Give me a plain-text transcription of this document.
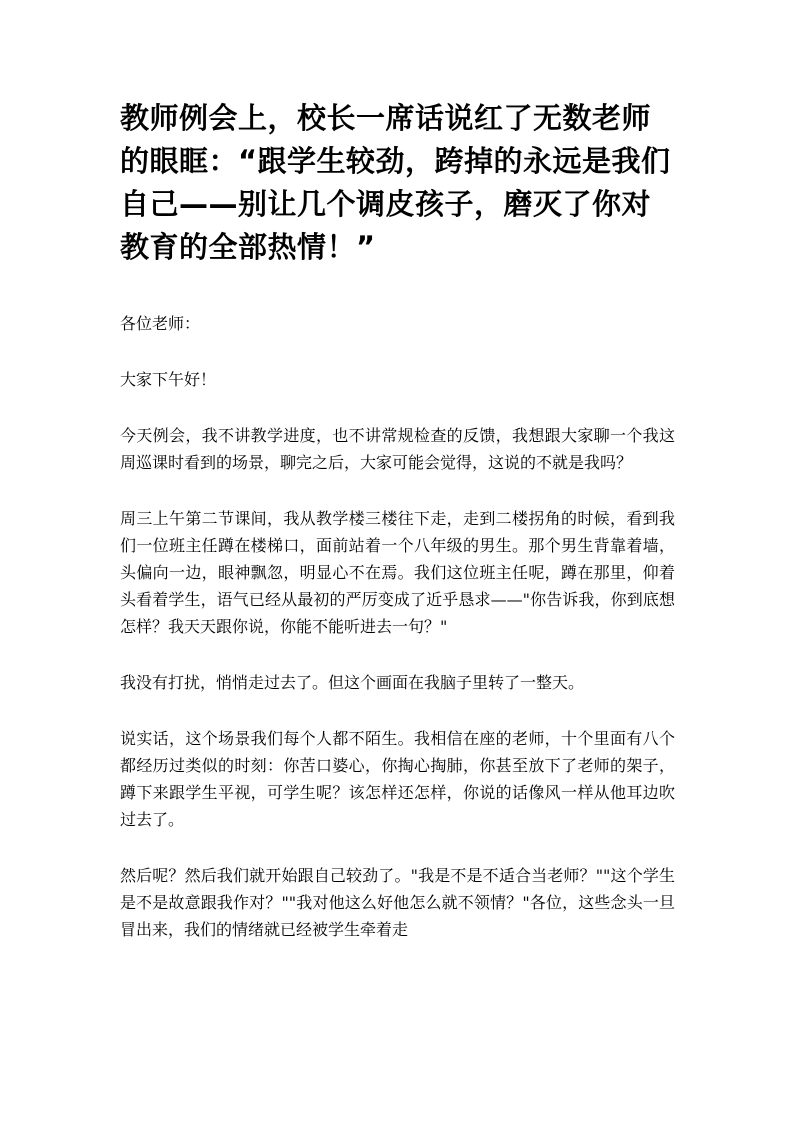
教师例会上，校长一席话说红了无数老师的眼眶：“跟学生较劲，跨掉的永远是我们自己——别让几个调皮孩子，磨灭了你对教育的全部热情！”

各位老师：

大家下午好！

今天例会，我不讲教学进度，也不讲常规检查的反馈，我想跟大家聊一个我这周巡课时看到的场景，聊完之后，大家可能会觉得，这说的不就是我吗？

周三上午第二节课间，我从教学楼三楼往下走，走到二楼拐角的时候，看到我们一位班主任蹲在楼梯口，面前站着一个八年级的男生。那个男生背靠着墙，头偏向一边，眼神飘忽，明显心不在焉。我们这位班主任呢，蹲在那里，仰着头看着学生，语气已经从最初的严厉变成了近乎恳求——"你告诉我，你到底想怎样？我天天跟你说，你能不能听进去一句？"

我没有打扰，悄悄走过去了。但这个画面在我脑子里转了一整天。

说实话，这个场景我们每个人都不陌生。我相信在座的老师，十个里面有八个都经历过类似的时刻：你苦口婆心，你掏心掏肺，你甚至放下了老师的架子，蹲下来跟学生平视，可学生呢？该怎样还怎样，你说的话像风一样从他耳边吹过去了。

然后呢？然后我们就开始跟自己较劲了。"我是不是不适合当老师？""这个学生是不是故意跟我作对？""我对他这么好他怎么就不领情？"各位，这些念头一旦冒出来，我们的情绪就已经被学生牵着走
